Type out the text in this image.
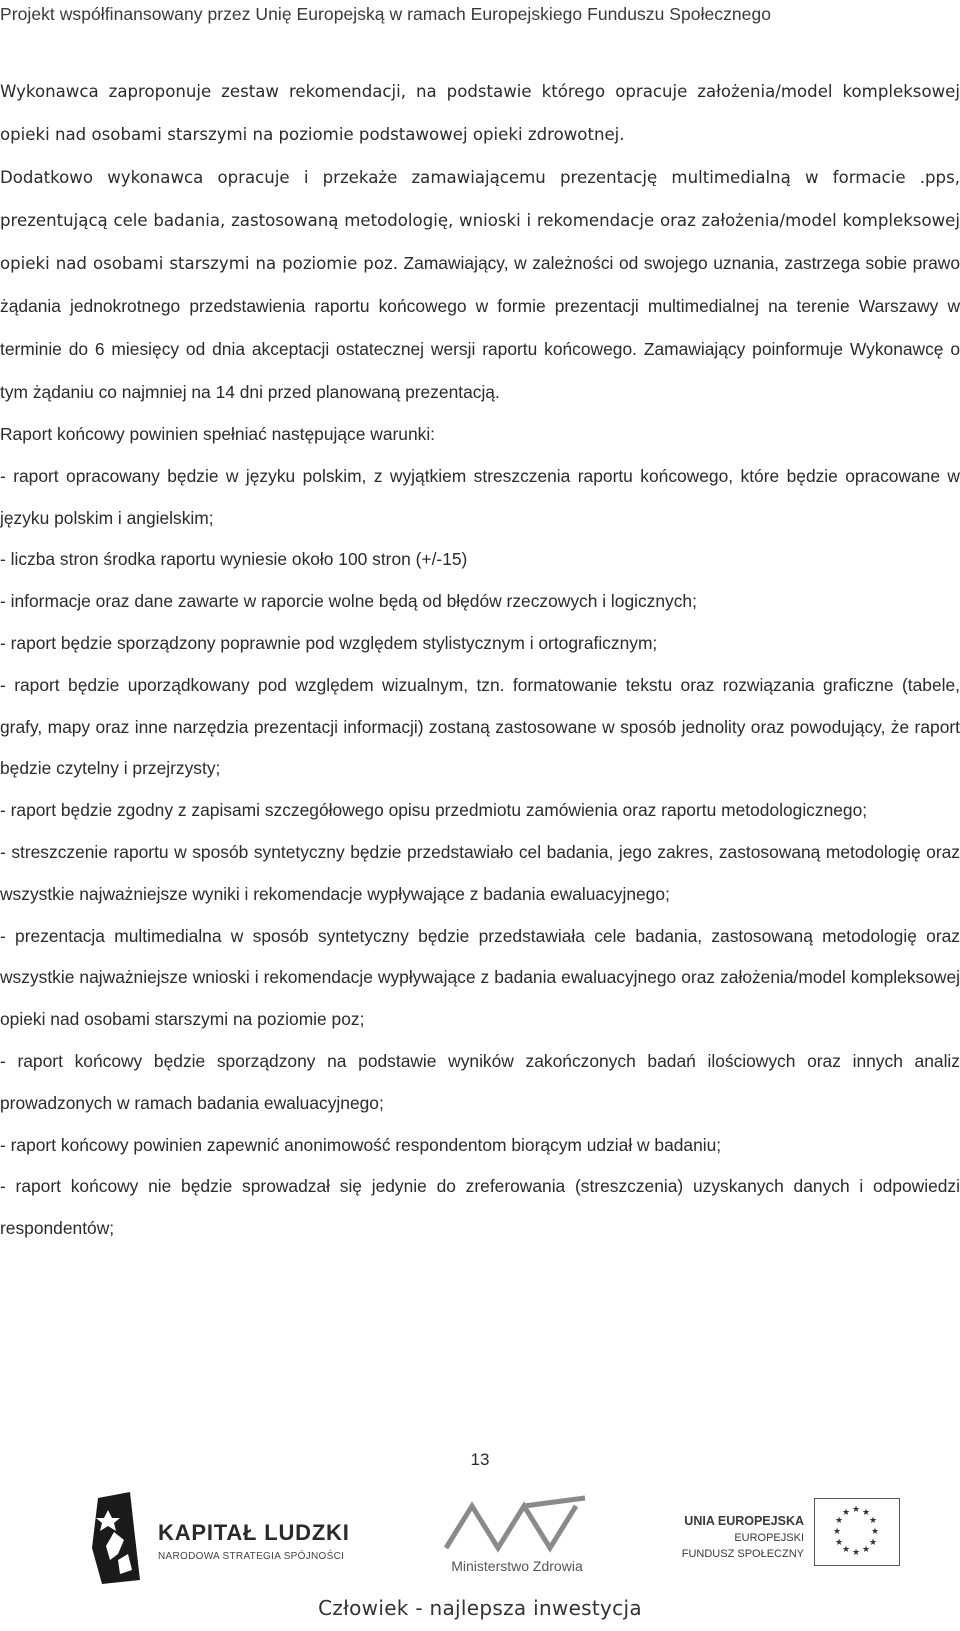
Projekt współfinansowany przez Unię Europejską w ramach Europejskiego Funduszu Społecznego

Wykonawca zaproponuje zestaw rekomendacji, na podstawie którego opracuje założenia/model kompleksowej opieki nad osobami starszymi na poziomie podstawowej opieki zdrowotnej.

Dodatkowo wykonawca opracuje i przekaże zamawiającemu prezentację multimedialną w formacie .pps, prezentującą cele badania, zastosowaną metodologię, wnioski i rekomendacje oraz założenia/model kompleksowej opieki nad osobami starszymi na poziomie poz. Zamawiający, w zależności od swojego uznania, zastrzega sobie prawo żądania jednokrotnego przedstawienia raportu końcowego w formie prezentacji multimedialnej na terenie Warszawy w terminie do 6 miesięcy od dnia akceptacji ostatecznej wersji raportu końcowego. Zamawiający poinformuje Wykonawcę o tym żądaniu co najmniej na 14 dni przed planowaną prezentacją.

Raport końcowy powinien spełniać następujące warunki:

- raport opracowany będzie w języku polskim, z wyjątkiem streszczenia raportu końcowego, które będzie opracowane w języku polskim i angielskim;

- liczba stron środka raportu wyniesie około 100 stron (+/-15)

- informacje oraz dane zawarte w raporcie wolne będą od błędów rzeczowych i logicznych;

- raport będzie sporządzony poprawnie pod względem stylistycznym i ortograficznym;

- raport będzie uporządkowany pod względem wizualnym, tzn. formatowanie tekstu oraz rozwiązania graficzne (tabele, grafy, mapy oraz inne narzędzia prezentacji informacji) zostaną zastosowane w sposób jednolity oraz powodujący, że raport będzie czytelny i przejrzysty;

- raport będzie zgodny z zapisami szczegółowego opisu przedmiotu zamówienia oraz raportu metodologicznego;

- streszczenie raportu w sposób syntetyczny będzie przedstawiało cel badania, jego zakres, zastosowaną metodologię oraz wszystkie najważniejsze wyniki i rekomendacje wypływające z badania ewaluacyjnego;

- prezentacja multimedialna w sposób syntetyczny będzie przedstawiała cele badania, zastosowaną metodologię oraz wszystkie najważniejsze wnioski i rekomendacje wypływające z badania ewaluacyjnego oraz założenia/model kompleksowej opieki nad osobami starszymi na poziomie poz;

- raport końcowy będzie sporządzony na podstawie wyników zakończonych badań ilościowych oraz innych analiz prowadzonych w ramach badania ewaluacyjnego;

- raport końcowy powinien zapewnić anonimowość respondentom biorącym udział w badaniu;

- raport końcowy nie będzie sprowadzał się jedynie do zreferowania (streszczenia) uzyskanych danych i odpowiedzi respondentów;

13
KAPITAŁ LUDZKI
NARODOWA STRATEGIA SPÓJNOŚCI
Ministerstwo Zdrowia
UNIA EUROPEJSKA
EUROPEJSKI
FUNDUSZ SPOŁECZNY
★ ★
★
★
★
★
★
★
★
★
★
★
Człowiek - najlepsza inwestycja
